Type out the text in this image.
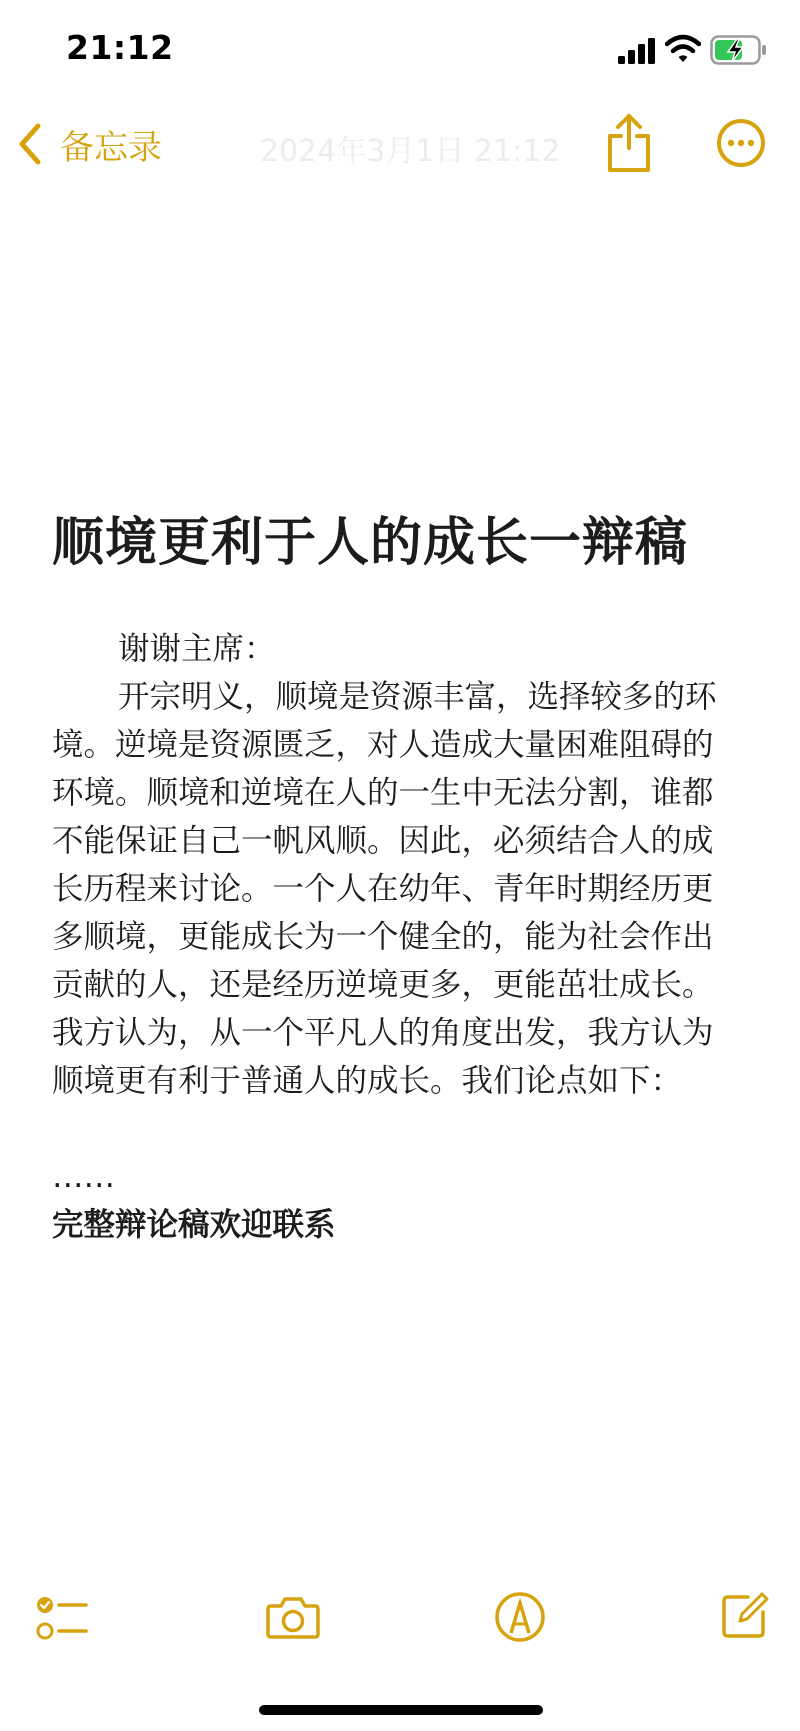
21:12
备忘录	2024年3月1日 21:12
顺境更利于人的成长一辩稿

谢谢主席：

开宗明义，顺境是资源丰富，选择较多的环境。逆境是资源匮乏，对人造成大量困难阻碍的环境。顺境和逆境在人的一生中无法分割，谁都不能保证自己一帆风顺。因此，必须结合人的成长历程来讨论。一个人在幼年、青年时期经历更多顺境，更能成长为一个健全的，能为社会作出贡献的人，还是经历逆境更多，更能茁壮成长。我方认为，从一个平凡人的角度出发，我方认为顺境更有利于普通人的成长。我们论点如下：

……

完整辩论稿欢迎联系
